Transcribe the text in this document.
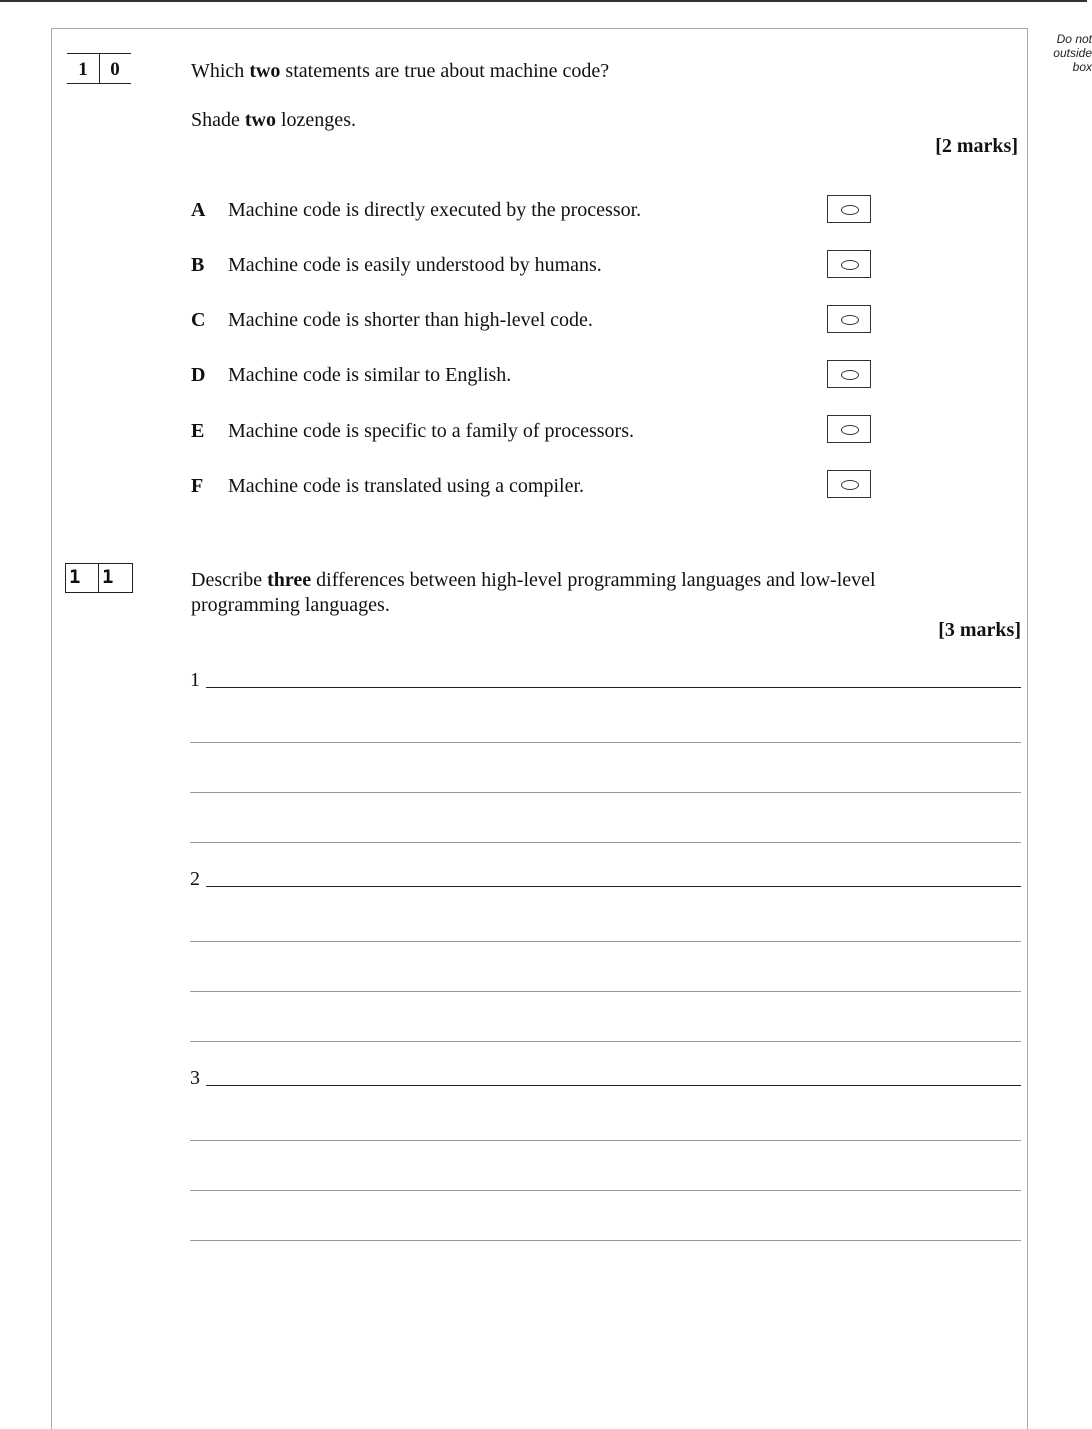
Do not
outside
box
1	0	Which two statements are true about machine code?
Shade two lozenges.
[2 marks]
A Machine code is directly executed by the processor.
B Machine code is easily understood by humans.
C Machine code is shorter than high-level code.
D Machine code is similar to English.
E Machine code is specific to a family of processors.
F Machine code is translated using a compiler.
1	1	Describe three differences between high-level programming languages and low-level
programming languages.
[3 marks]
1
2
3
